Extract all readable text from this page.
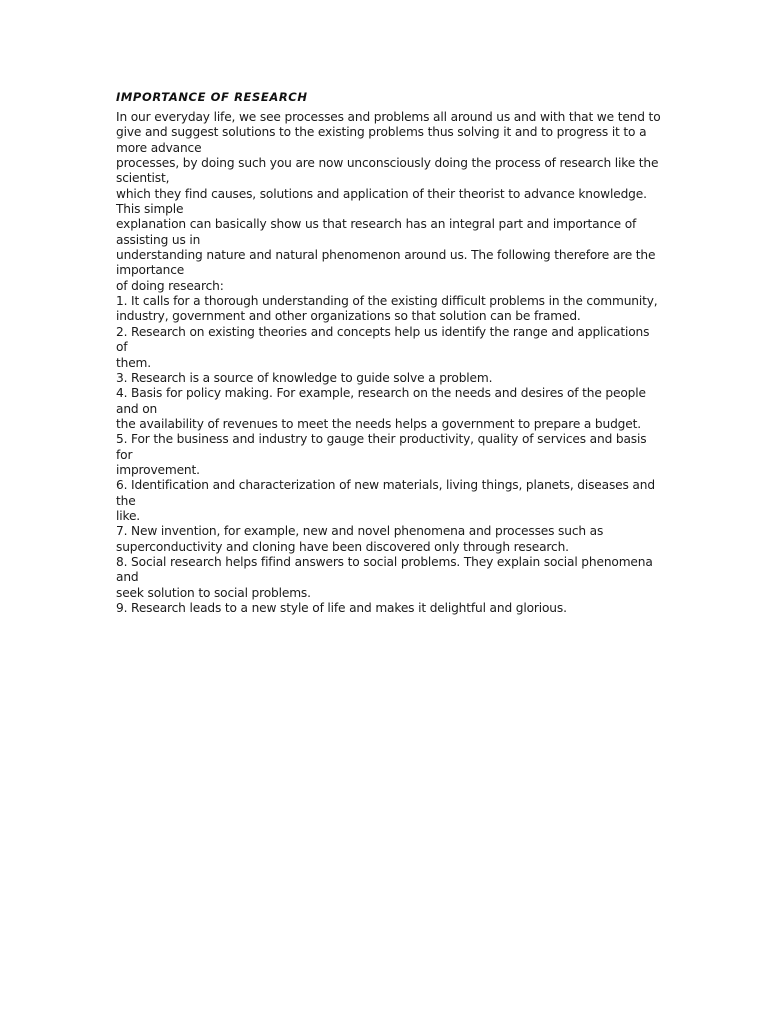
IMPORTANCE OF RESEARCH
In our everyday life, we see processes and problems all around us and with that we tend to
give and suggest solutions to the existing problems thus solving it and to progress it to a
more advance
processes, by doing such you are now unconsciously doing the process of research like the
scientist,
which they find causes, solutions and application of their theorist to advance knowledge.
This simple
explanation can basically show us that research has an integral part and importance of
assisting us in
understanding nature and natural phenomenon around us. The following therefore are the
importance
of doing research:
1. It calls for a thorough understanding of the existing difficult problems in the community,
industry, government and other organizations so that solution can be framed.
2. Research on existing theories and concepts help us identify the range and applications
of
them.
3. Research is a source of knowledge to guide solve a problem.
4. Basis for policy making. For example, research on the needs and desires of the people
and on
the availability of revenues to meet the needs helps a government to prepare a budget.
5. For the business and industry to gauge their productivity, quality of services and basis
for
improvement.
6. Identification and characterization of new materials, living things, planets, diseases and
the
like.
7. New invention, for example, new and novel phenomena and processes such as
superconductivity and cloning have been discovered only through research.
8. Social research helps fifind answers to social problems. They explain social phenomena
and
seek solution to social problems.
9. Research leads to a new style of life and makes it delightful and glorious.
